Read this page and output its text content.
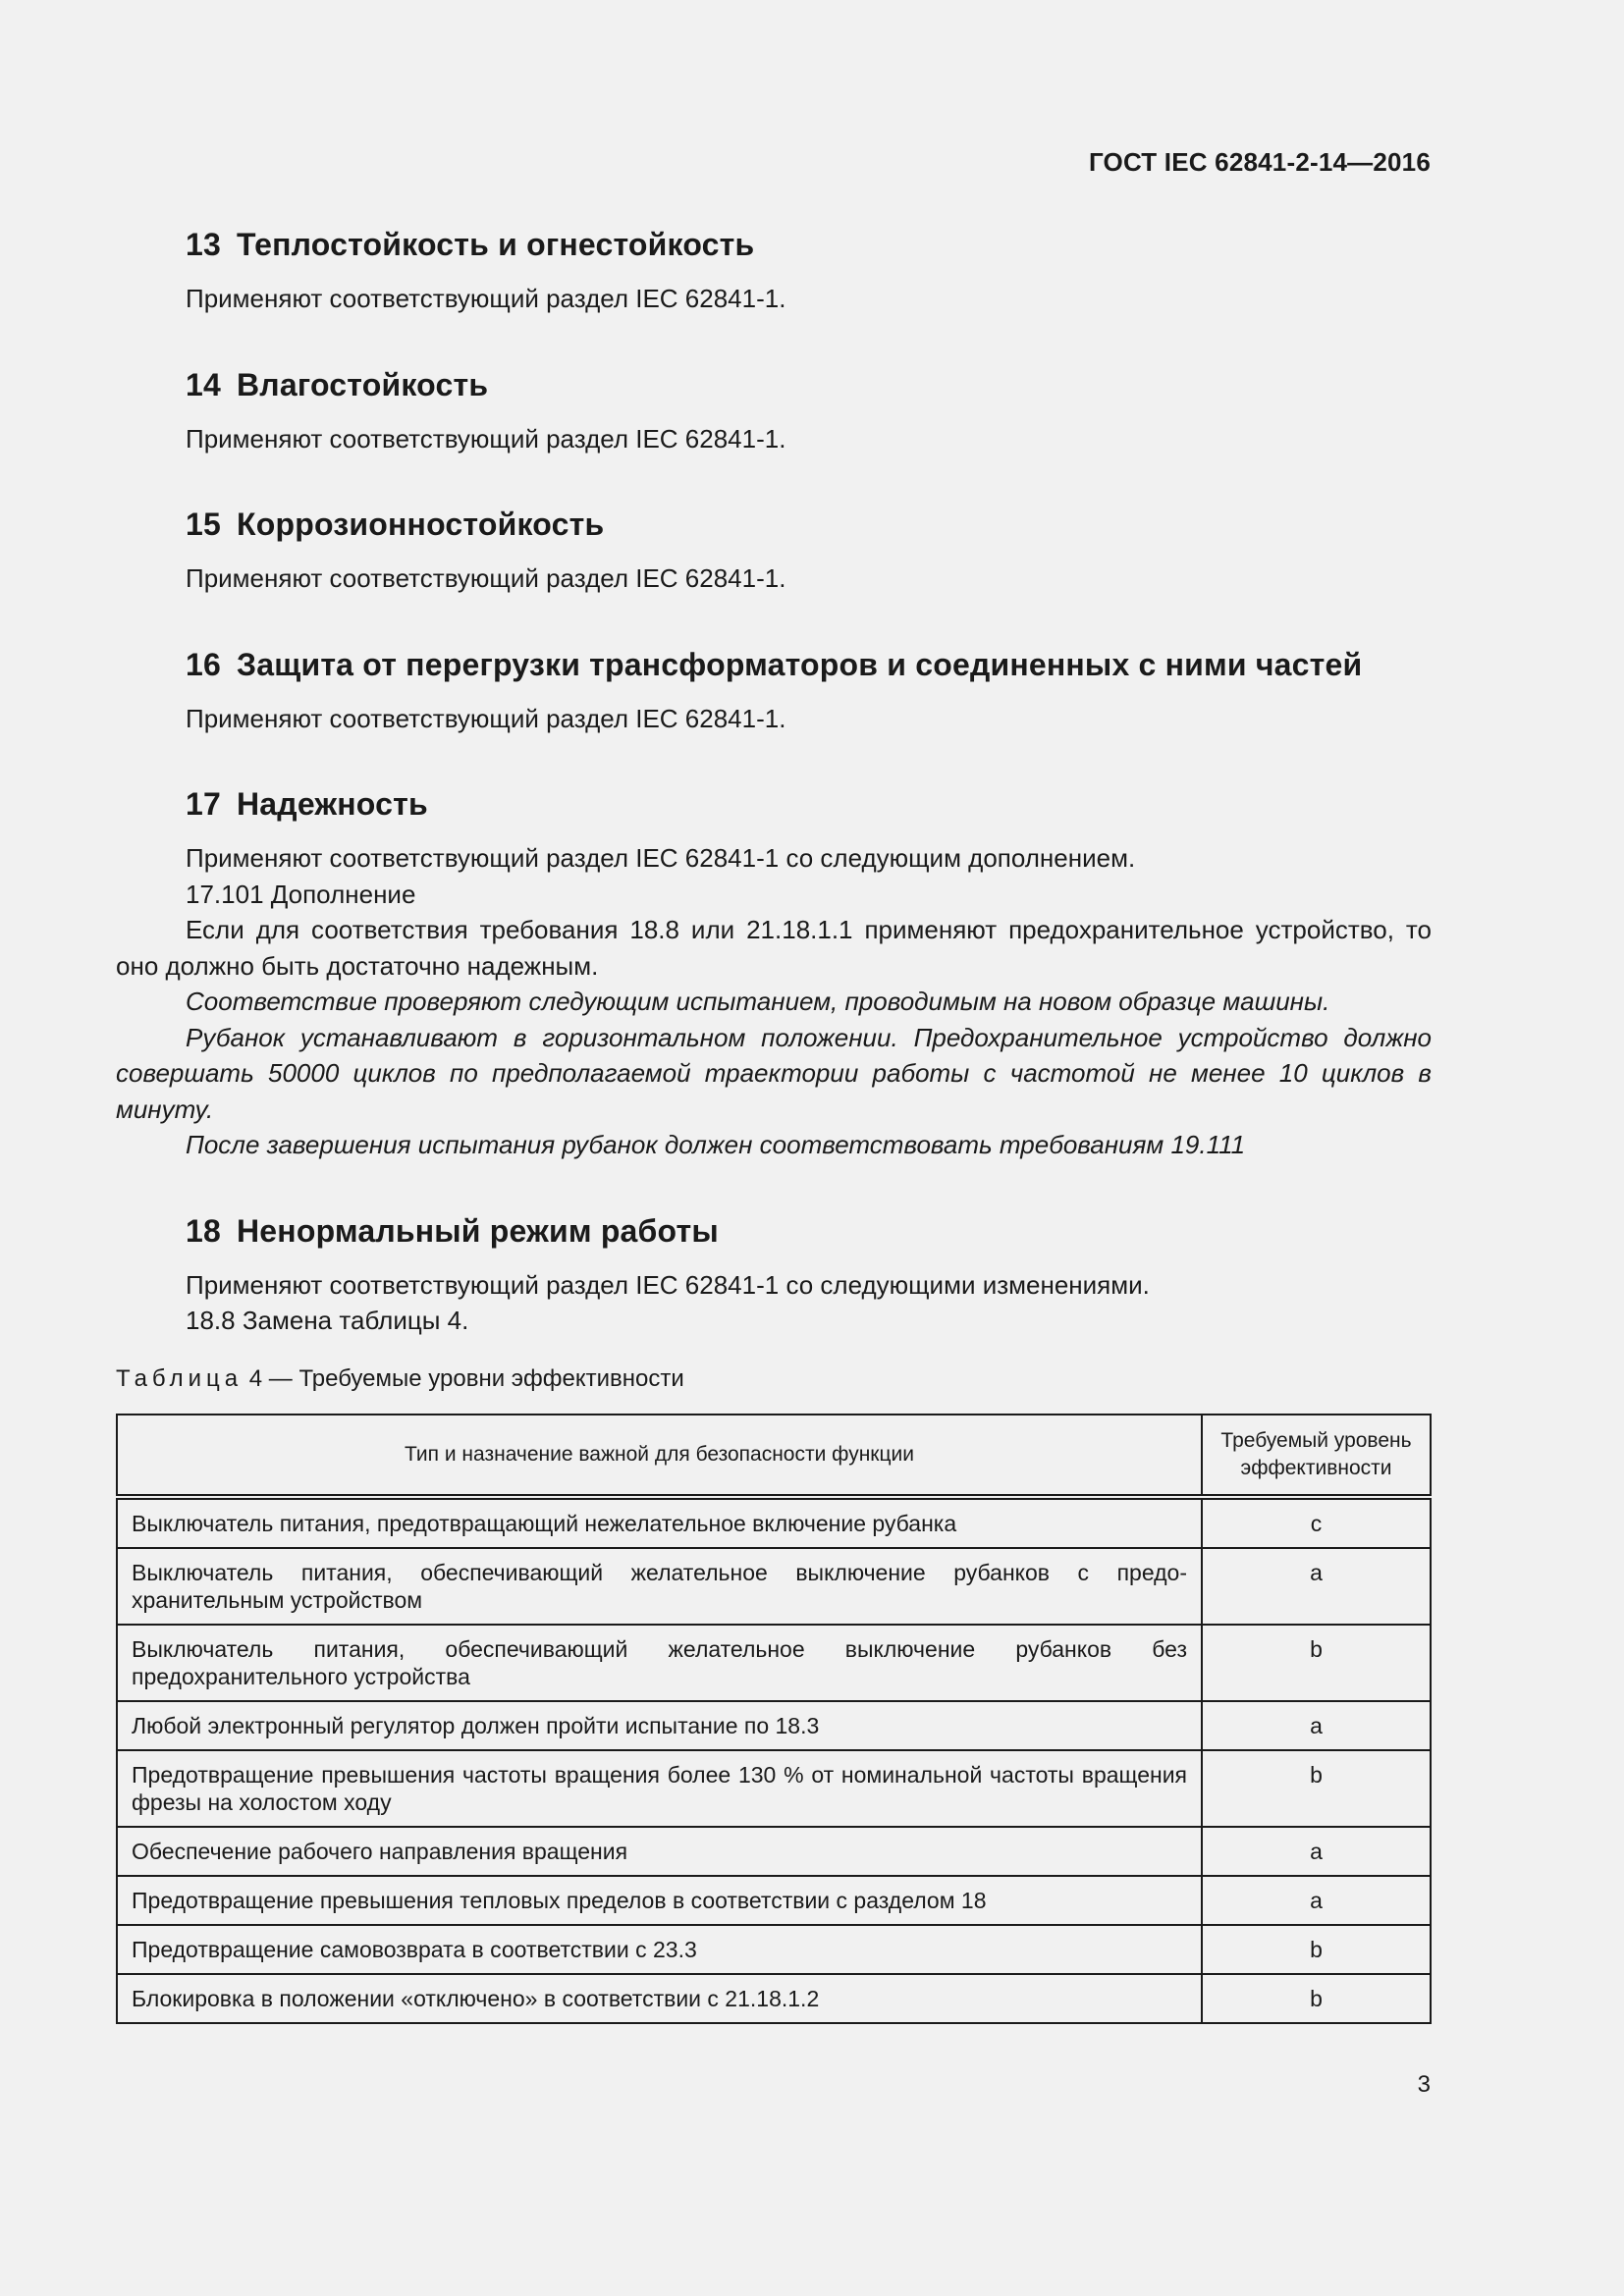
ГОСТ IEC 62841-2-14—2016
13 Теплостойкость и огнестойкость

Применяют соответствующий раздел IEC 62841-1.

14 Влагостойкость

Применяют соответствующий раздел IEC 62841-1.

15 Коррозионностойкость

Применяют соответствующий раздел IEC 62841-1.

16 Защита от перегрузки трансформаторов и соединенных с ними частей

Применяют соответствующий раздел IEC 62841-1.

17 Надежность

Применяют соответствующий раздел IEC 62841-1 со следующим дополнением.

17.101 Дополнение

Если для соответствия требования 18.8 или 21.18.1.1 применяют предохранительное устройство, то оно должно быть достаточно надежным.

Соответствие проверяют следующим испытанием, проводимым на новом образце машины.

Рубанок устанавливают в горизонтальном положении. Предохранительное устройство должно совершать 50000 циклов по предполагаемой траектории работы с частотой не менее 10 циклов в минуту.

После завершения испытания рубанок должен соответствовать требованиям 19.111

18 Ненормальный режим работы

Применяют соответствующий раздел IEC 62841-1 со следующими изменениями.

18.8 Замена таблицы 4.

Таблица 4 — Требуемые уровни эффективности
Тип и назначение важной для безопасности функции	Требуемый уровень эффективности
Выключатель питания, предотвращающий нежелательное включение рубанка	c
Выключатель питания, обеспечивающий желательное выключение рубанков с предо-хранительным устройством	a
Выключатель питания, обеспечивающий желательное выключение рубанков без предохранительного устройства	b
Любой электронный регулятор должен пройти испытание по 18.3	a
Предотвращение превышения частоты вращения более 130 % от номинальной частоты вращения фрезы на холостом ходу	b
Обеспечение рабочего направления вращения	a
Предотвращение превышения тепловых пределов в соответствии с разделом 18	a
Предотвращение самовозврата в соответствии с 23.3	b
Блокировка в положении «отключено» в соответствии с 21.18.1.2	b
3
